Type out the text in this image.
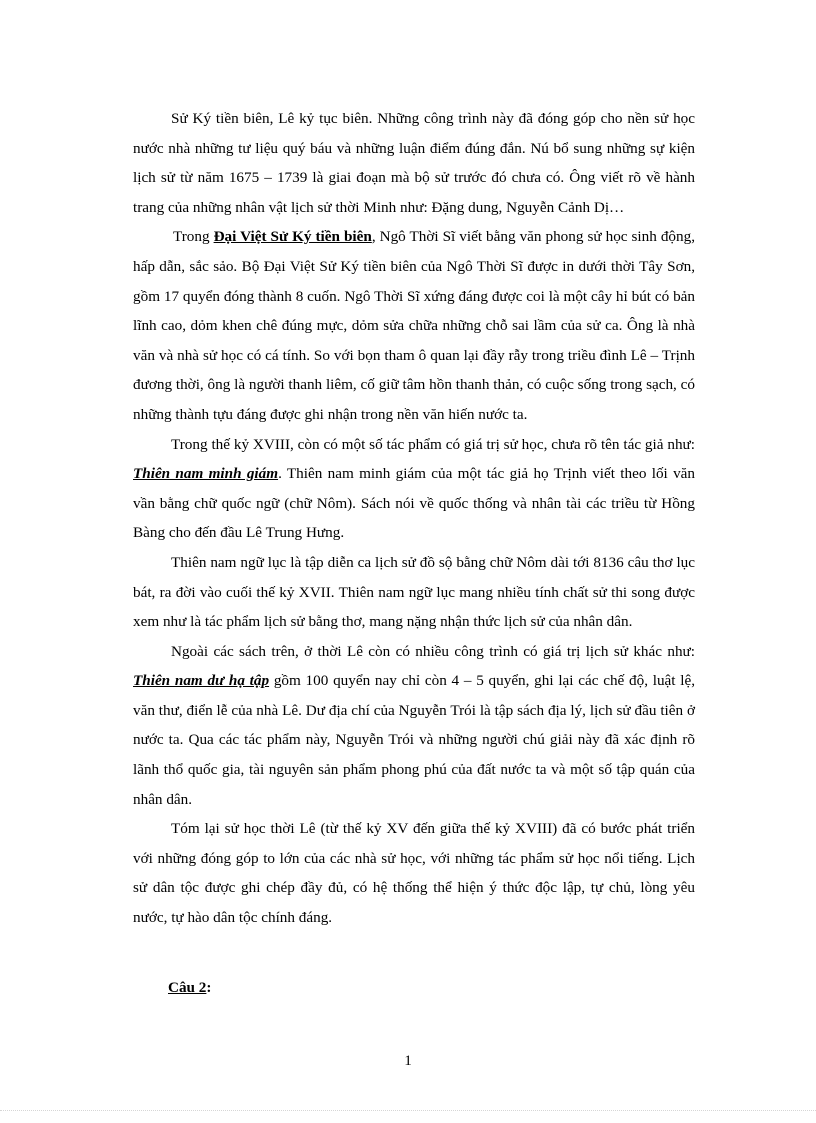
Sử Ký tiền biên, Lê kỷ tục biên. Những công trình này đã đóng góp cho nền sử học nước nhà những tư liệu quý báu và những luận điểm đúng đắn. Nú bổ sung những sự kiện lịch sử từ năm 1675 – 1739 là giai đoạn mà bộ sử trước đó chưa có. Ông viết rõ về hành trang của những nhân vật lịch sử thời Minh như: Đặng dung, Nguyễn Cảnh Dị…

Trong Đại Việt Sử Ký tiền biên, Ngô Thời Sĩ viết bằng văn phong sử học sinh động, hấp dẫn, sắc sảo. Bộ Đại Việt Sử Ký tiền biên của Ngô Thời Sĩ được in dưới thời Tây Sơn, gồm 17 quyển đóng thành 8 cuốn. Ngô Thời Sĩ xứng đáng được coi là một cây hỉ bút có bản lĩnh cao, dỏm khen chê đúng mực, dỏm sửa chữa những chỗ sai lầm của sử ca. Ông là nhà văn và nhà sử học có cá tính. So với bọn tham ô quan lại đầy rẫy trong triều đình Lê – Trịnh đương thời, ông là người thanh liêm, cố giữ tâm hồn thanh thản, có cuộc sống trong sạch, có những thành tựu đáng được ghi nhận trong nền văn hiến nước ta.

Trong thế kỷ XVIII, còn có một số tác phẩm có giá trị sử học, chưa rõ tên tác giả như: Thiên nam minh giám. Thiên nam minh giám của một tác giả họ Trịnh viết theo lối văn vần bằng chữ quốc ngữ (chữ Nôm). Sách nói về quốc thống và nhân tài các triều từ Hồng Bàng cho đến đầu Lê Trung Hưng.

Thiên nam ngữ lục là tập diễn ca lịch sử đồ sộ bằng chữ Nôm dài tới 8136 câu thơ lục bát, ra đời vào cuối thế kỷ XVII. Thiên nam ngữ lục mang nhiều tính chất sử thi song được xem như là tác phẩm lịch sử bằng thơ, mang nặng nhận thức lịch sử của nhân dân.

Ngoài các sách trên, ở thời Lê còn có nhiều công trình có giá trị lịch sử khác như: Thiên nam dư hạ tập gồm 100 quyển nay chỉ còn 4 – 5 quyển, ghi lại các chế độ, luật lệ, văn thư, điển lễ của nhà Lê. Dư địa chí của Nguyễn Trói là tập sách địa lý, lịch sử đầu tiên ở nước ta. Qua các tác phẩm này, Nguyễn Trói và những người chú giải này đã xác định rõ lãnh thổ quốc gia, tài nguyên sản phẩm phong phú của đất nước ta và một số tập quán của nhân dân.

Tóm lại sử học thời Lê (từ thế kỷ XV đến giữa thế kỷ XVIII) đã có bước phát triển với những đóng góp to lớn của các nhà sử học, với những tác phẩm sử học nổi tiếng. Lịch sử dân tộc được ghi chép đầy đủ, có hệ thống thể hiện ý thức độc lập, tự chủ, lòng yêu nước, tự hào dân tộc chính đáng.

Câu 2:

1
